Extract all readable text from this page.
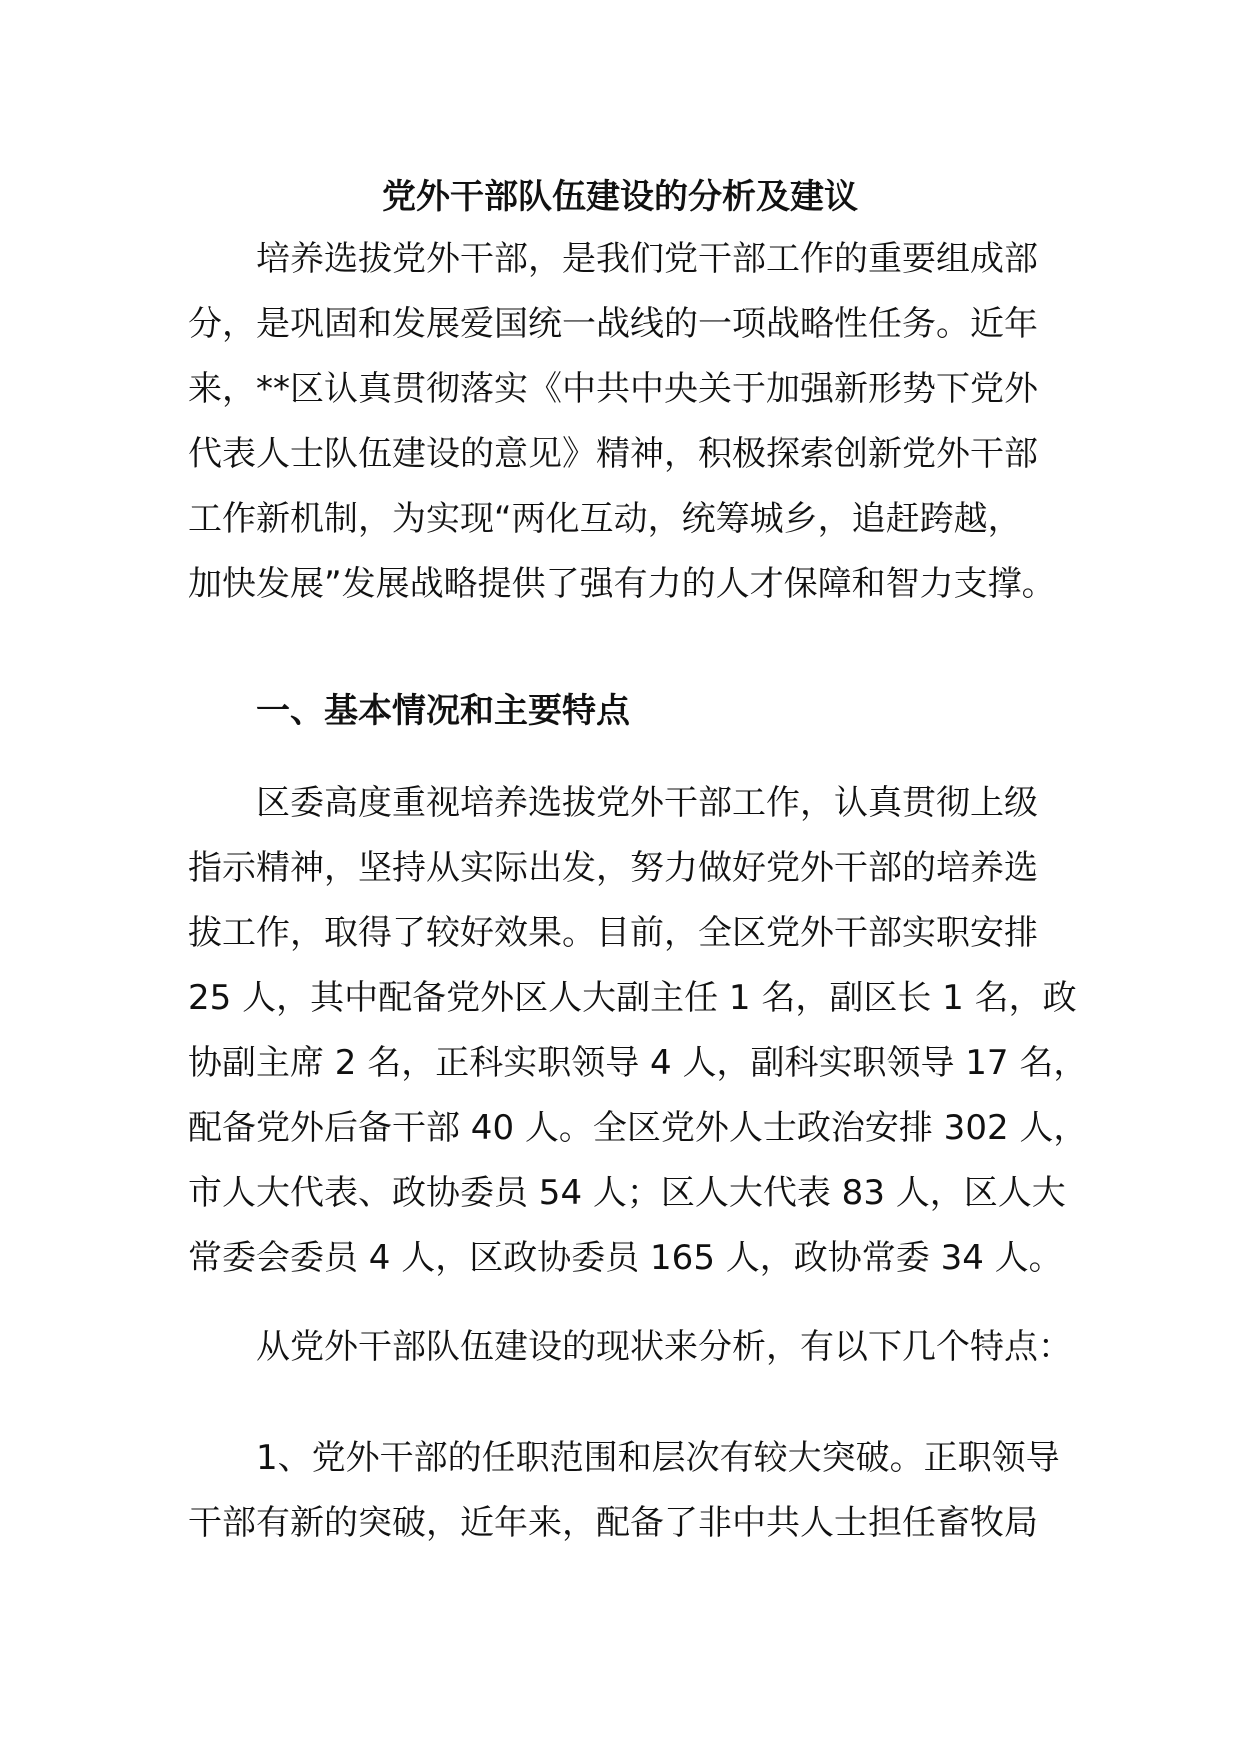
党外干部队伍建设的分析及建议
培养选拔党外干部，是我们党干部工作的重要组成部
分，是巩固和发展爱国统一战线的一项战略性任务。近年
来，**区认真贯彻落实《中共中央关于加强新形势下党外
代表人士队伍建设的意见》精神，积极探索创新党外干部
工作新机制，为实现“两化互动，统筹城乡，追赶跨越，
加快发展”发展战略提供了强有力的人才保障和智力支撑。
一、基本情况和主要特点
区委高度重视培养选拔党外干部工作，认真贯彻上级
指示精神，坚持从实际出发，努力做好党外干部的培养选
拔工作，取得了较好效果。目前，全区党外干部实职安排
25 人，其中配备党外区人大副主任 1 名，副区长 1 名，政
协副主席 2 名，正科实职领导 4 人，副科实职领导 17 名，
配备党外后备干部 40 人。全区党外人士政治安排 302 人，
市人大代表、政协委员 54 人；区人大代表 83 人，区人大
常委会委员 4 人，区政协委员 165 人，政协常委 34 人。
从党外干部队伍建设的现状来分析，有以下几个特点：
1、党外干部的任职范围和层次有较大突破。正职领导
干部有新的突破，近年来，配备了非中共人士担任畜牧局
